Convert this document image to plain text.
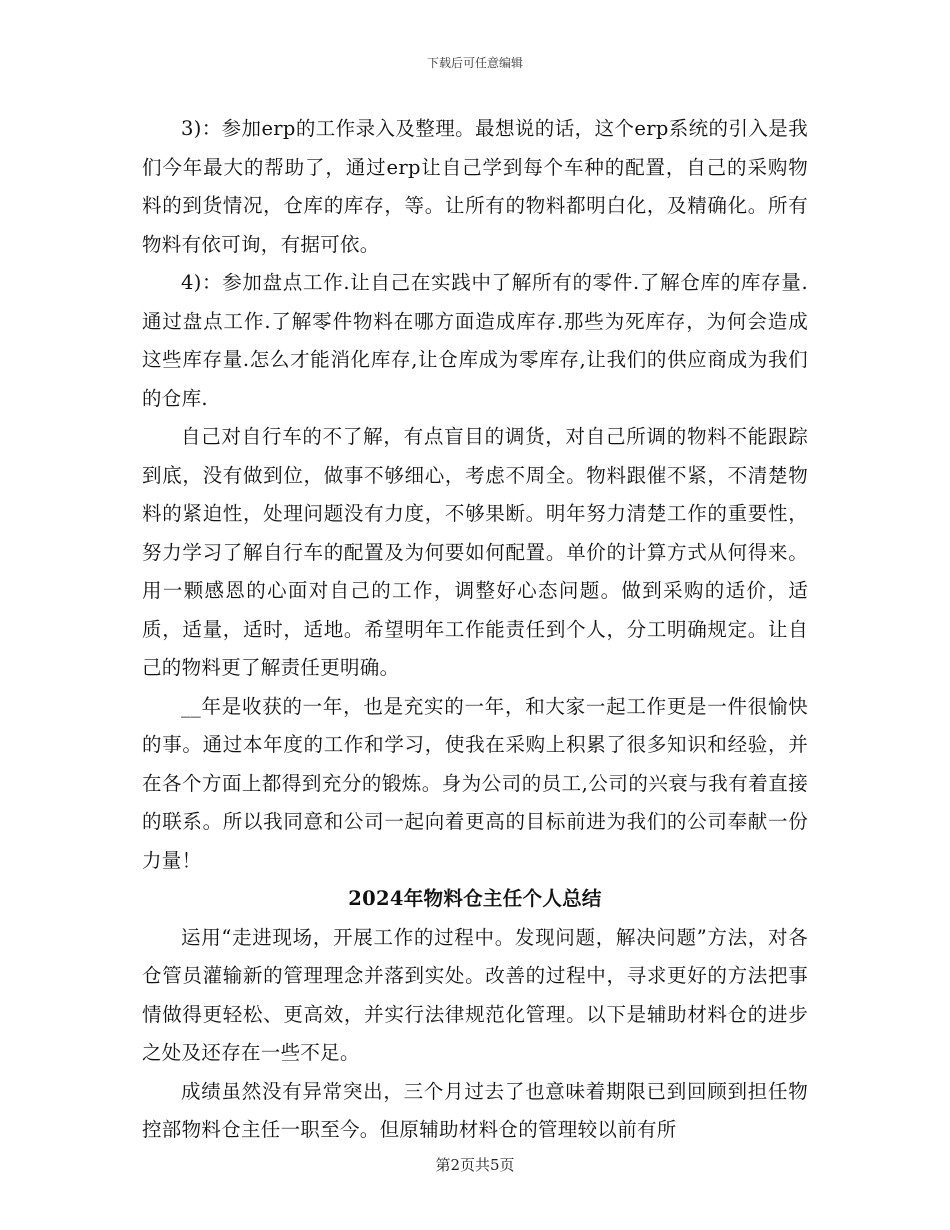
下载后可任意编辑

3)：参加erp的工作录入及整理。最想说的话，这个erp系统的引入是我们今年最大的帮助了，通过erp让自己学到每个车种的配置，自己的采购物料的到货情况，仓库的库存，等。让所有的物料都明白化，及精确化。所有物料有依可询，有据可依。

4)：参加盘点工作.让自己在实践中了解所有的零件.了解仓库的库存量.通过盘点工作.了解零件物料在哪方面造成库存.那些为死库存，为何会造成这些库存量.怎么才能消化库存,让仓库成为零库存,让我们的供应商成为我们的仓库.

自己对自行车的不了解，有点盲目的调货，对自己所调的物料不能跟踪到底，没有做到位，做事不够细心，考虑不周全。物料跟催不紧，不清楚物料的紧迫性，处理问题没有力度，不够果断。明年努力清楚工作的重要性，努力学习了解自行车的配置及为何要如何配置。单价的计算方式从何得来。用一颗感恩的心面对自己的工作，调整好心态问题。做到采购的适价，适质，适量，适时，适地。希望明年工作能责任到个人，分工明确规定。让自己的物料更了解责任更明确。

__年是收获的一年，也是充实的一年，和大家一起工作更是一件很愉快的事。通过本年度的工作和学习，使我在采购上积累了很多知识和经验，并在各个方面上都得到充分的锻炼。身为公司的员工,公司的兴衰与我有着直接的联系。所以我同意和公司一起向着更高的目标前进为我们的公司奉献一份力量！

2024年物料仓主任个人总结

运用“走进现场，开展工作的过程中。发现问题，解决问题”方法，对各仓管员灌输新的管理理念并落到实处。改善的过程中，寻求更好的方法把事情做得更轻松、更高效，并实行法律规范化管理。以下是辅助材料仓的进步之处及还存在一些不足。

成绩虽然没有异常突出，三个月过去了也意味着期限已到回顾到担任物控部物料仓主任一职至今。但原辅助材料仓的管理较以前有所

第2页共5页
